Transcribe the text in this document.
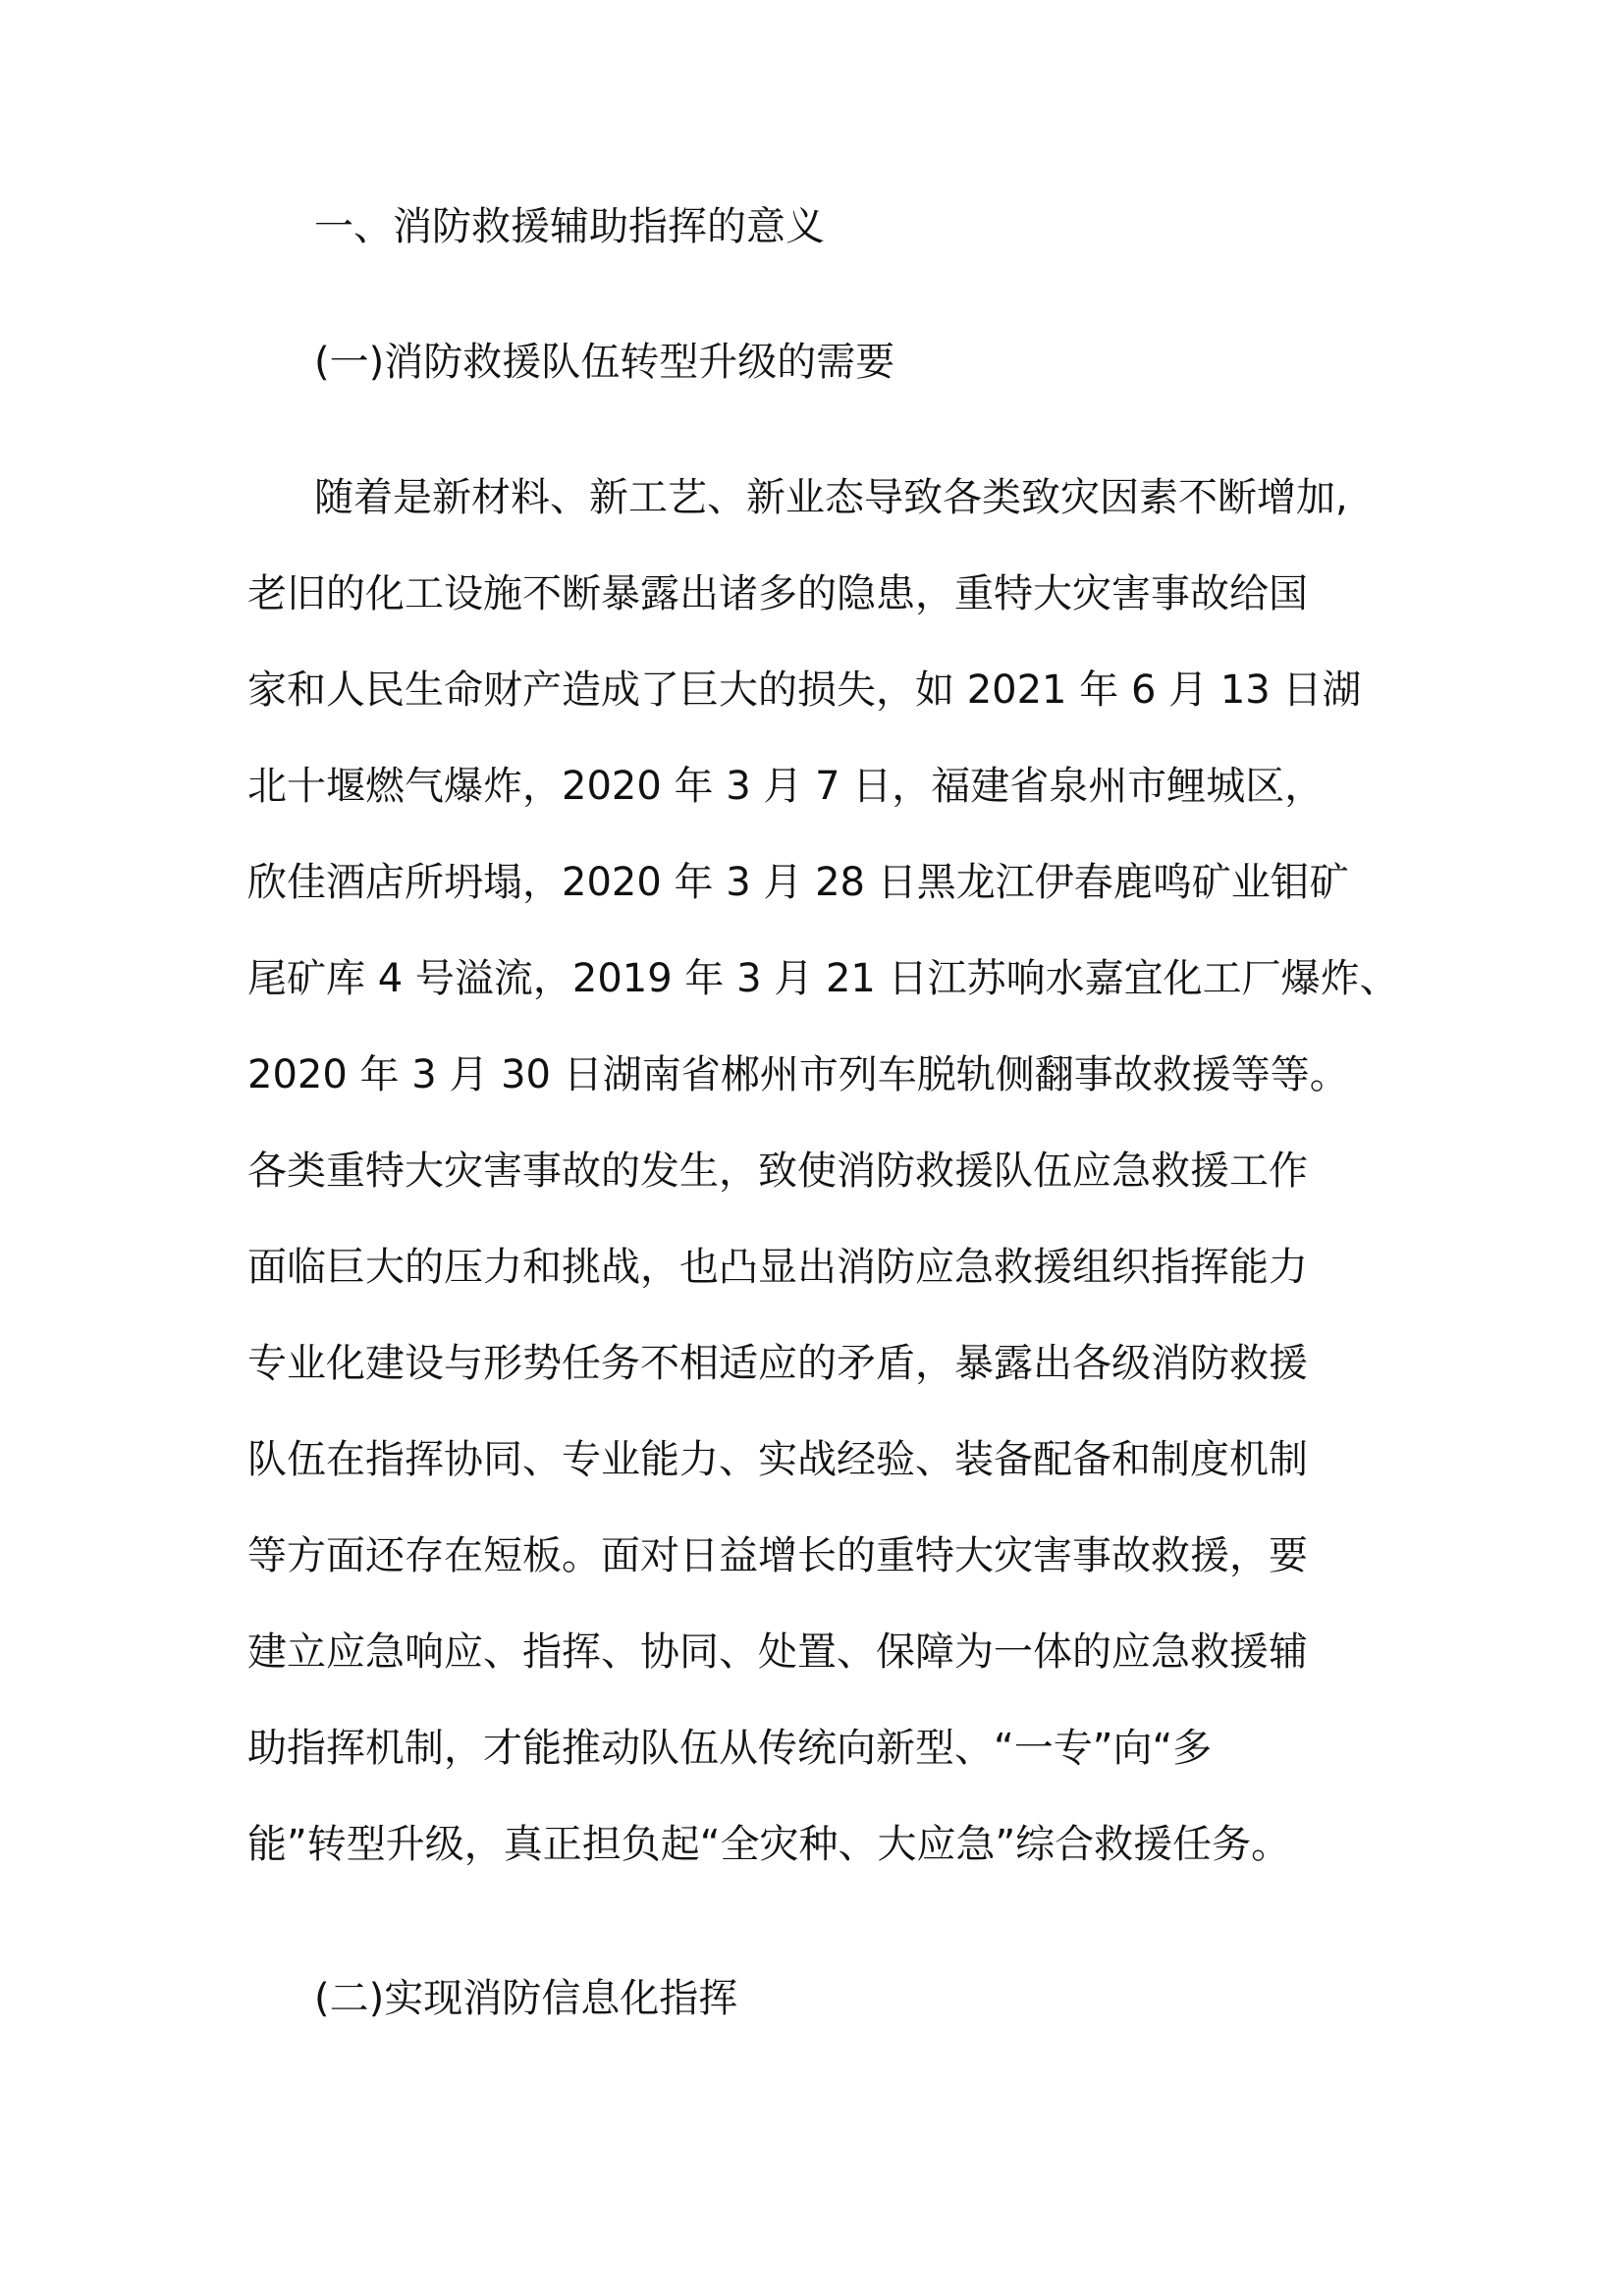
一、消防救援辅助指挥的意义
(一)消防救援队伍转型升级的需要
随着是新材料、新工艺、新业态导致各类致灾因素不断增加,
老旧的化工设施不断暴露出诸多的隐患，重特大灾害事故给国
家和人民生命财产造成了巨大的损失，如 2021 年 6 月 13 日湖
北十堰燃气爆炸，2020 年 3 月 7 日，福建省泉州市鲤城区，
欣佳酒店所坍塌，2020 年 3 月 28 日黑龙江伊春鹿鸣矿业钼矿
尾矿库 4 号溢流，2019 年 3 月 21 日江苏响水嘉宜化工厂爆炸、
2020 年 3 月 30 日湖南省郴州市列车脱轨侧翻事故救援等等。
各类重特大灾害事故的发生，致使消防救援队伍应急救援工作
面临巨大的压力和挑战，也凸显出消防应急救援组织指挥能力
专业化建设与形势任务不相适应的矛盾，暴露出各级消防救援
队伍在指挥协同、专业能力、实战经验、装备配备和制度机制
等方面还存在短板。面对日益增长的重特大灾害事故救援，要
建立应急响应、指挥、协同、处置、保障为一体的应急救援辅
助指挥机制，才能推动队伍从传统向新型、“一专”向“多
能”转型升级，真正担负起“全灾种、大应急”综合救援任务。
(二)实现消防信息化指挥
